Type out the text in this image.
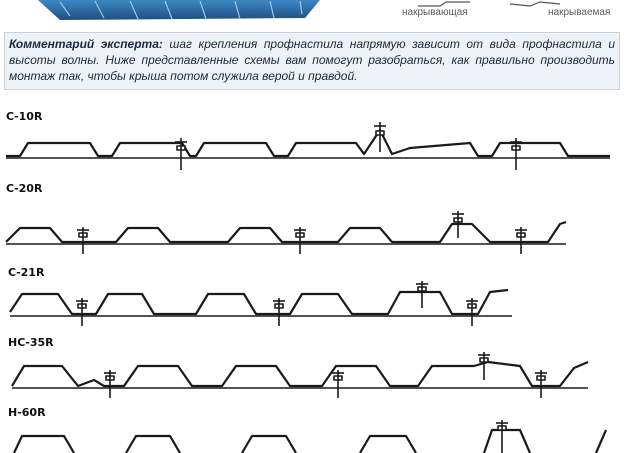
накрывающая	накрываемая

Комментарий эксперта: шаг крепления профнастила напрямую зависит от вида профнастила и высоты волны. Ниже представленные схемы вам помогут разобраться, как правильно производить монтаж так, чтобы крыша потом служила верой и правдой.

С-10R
С-20R
С-21R
НС-35R
Н-60R
